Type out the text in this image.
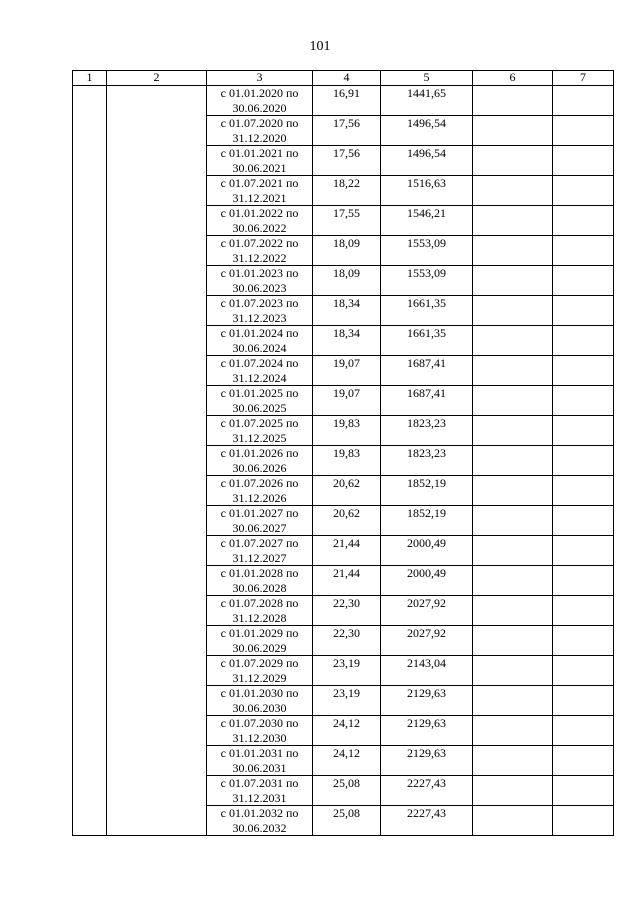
101
1	2	3	4	5	6	7
		с 01.01.2020 по 30.06.2020	16,91	1441,65		
		с 01.07.2020 по 31.12.2020	17,56	1496,54		
		с 01.01.2021 по 30.06.2021	17,56	1496,54		
		с 01.07.2021 по 31.12.2021	18,22	1516,63		
		с 01.01.2022 по 30.06.2022	17,55	1546,21		
		с 01.07.2022 по 31.12.2022	18,09	1553,09		
		с 01.01.2023 по 30.06.2023	18,09	1553,09		
		с 01.07.2023 по 31.12.2023	18,34	1661,35		
		с 01.01.2024 по 30.06.2024	18,34	1661,35		
		с 01.07.2024 по 31.12.2024	19,07	1687,41		
		с 01.01.2025 по 30.06.2025	19,07	1687,41		
		с 01.07.2025 по 31.12.2025	19,83	1823,23		
		с 01.01.2026 по 30.06.2026	19,83	1823,23		
		с 01.07.2026 по 31.12.2026	20,62	1852,19		
		с 01.01.2027 по 30.06.2027	20,62	1852,19		
		с 01.07.2027 по 31.12.2027	21,44	2000,49		
		с 01.01.2028 по 30.06.2028	21,44	2000,49		
		с 01.07.2028 по 31.12.2028	22,30	2027,92		
		с 01.01.2029 по 30.06.2029	22,30	2027,92		
		с 01.07.2029 по 31.12.2029	23,19	2143,04		
		с 01.01.2030 по 30.06.2030	23,19	2129,63		
		с 01.07.2030 по 31.12.2030	24,12	2129,63		
		с 01.01.2031 по 30.06.2031	24,12	2129,63		
		с 01.07.2031 по 31.12.2031	25,08	2227,43		
		с 01.01.2032 по 30.06.2032	25,08	2227,43		
